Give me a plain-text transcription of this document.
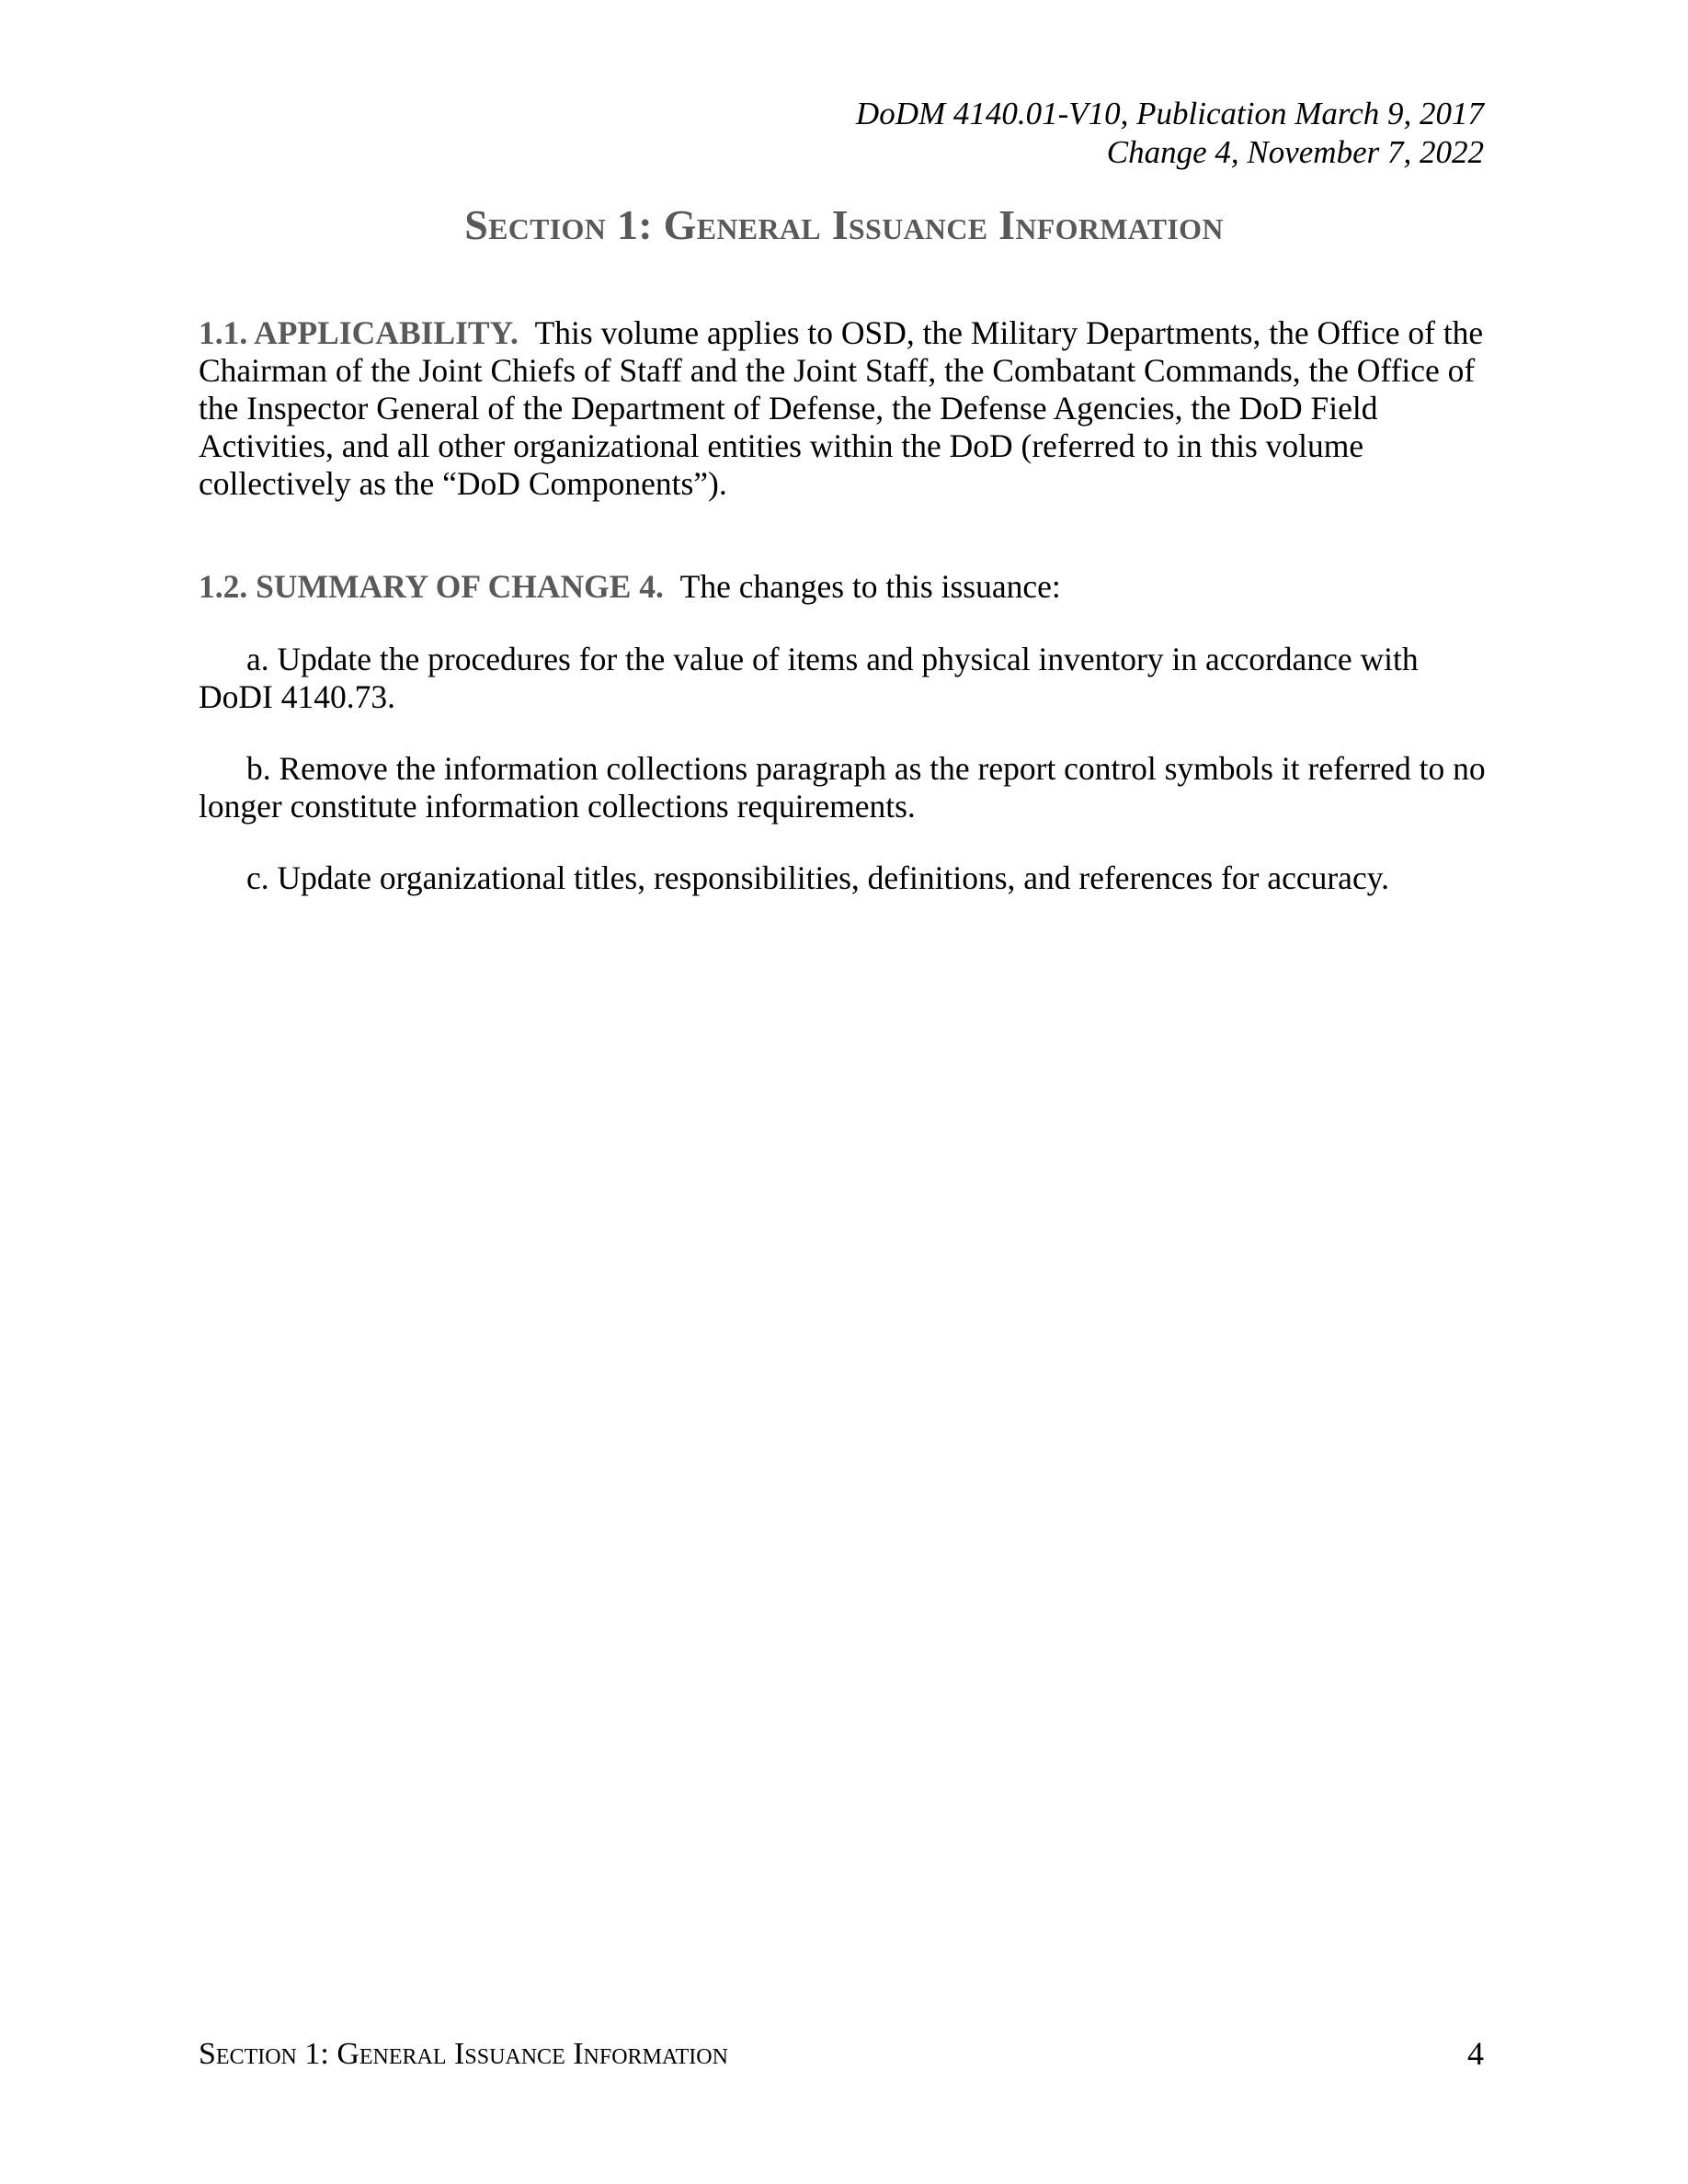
DoDM 4140.01-V10, Publication March 9, 2017
Change 4, November 7, 2022
Section 1: General Issuance Information
1.1. APPLICABILITY. This volume applies to OSD, the Military Departments, the Office of the Chairman of the Joint Chiefs of Staff and the Joint Staff, the Combatant Commands, the Office of the Inspector General of the Department of Defense, the Defense Agencies, the DoD Field Activities, and all other organizational entities within the DoD (referred to in this volume collectively as the “DoD Components”).
1.2. SUMMARY OF CHANGE 4. The changes to this issuance:
a. Update the procedures for the value of items and physical inventory in accordance with DoDI 4140.73.
b. Remove the information collections paragraph as the report control symbols it referred to no longer constitute information collections requirements.
c. Update organizational titles, responsibilities, definitions, and references for accuracy.
Section 1: General Issuance Information	4
